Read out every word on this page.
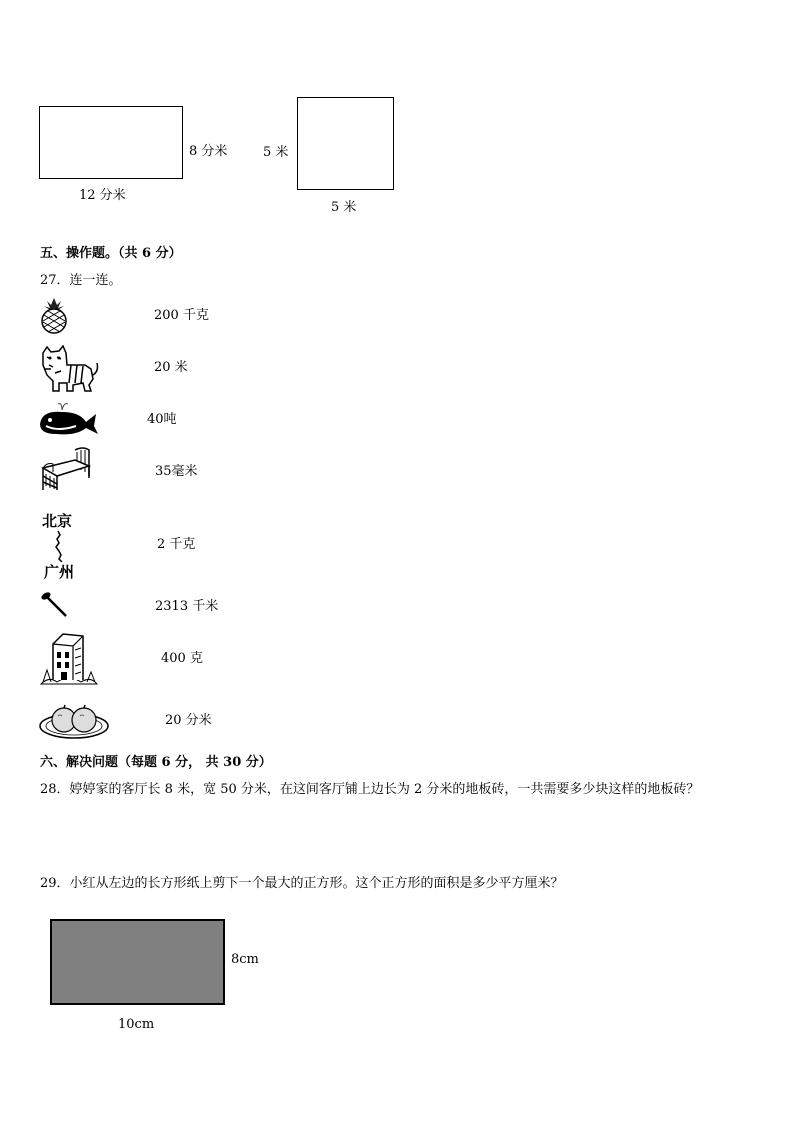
8 分米
12 分米
5 米
5 米
五、操作题。（共 6 分）
27．连一连。
200 千克
20 米
40吨
35毫米
北京
广州
2 千克
2313 千米
400 克
20 分米
六、解决问题（每题 6 分， 共 30 分）
28．婷婷家的客厅长 8 米，宽 50 分米，在这间客厅铺上边长为 2 分米的地板砖，一共需要多少块这样的地板砖？
29．小红从左边的长方形纸上剪下一个最大的正方形。这个正方形的面积是多少平方厘米？
8cm
10cm
